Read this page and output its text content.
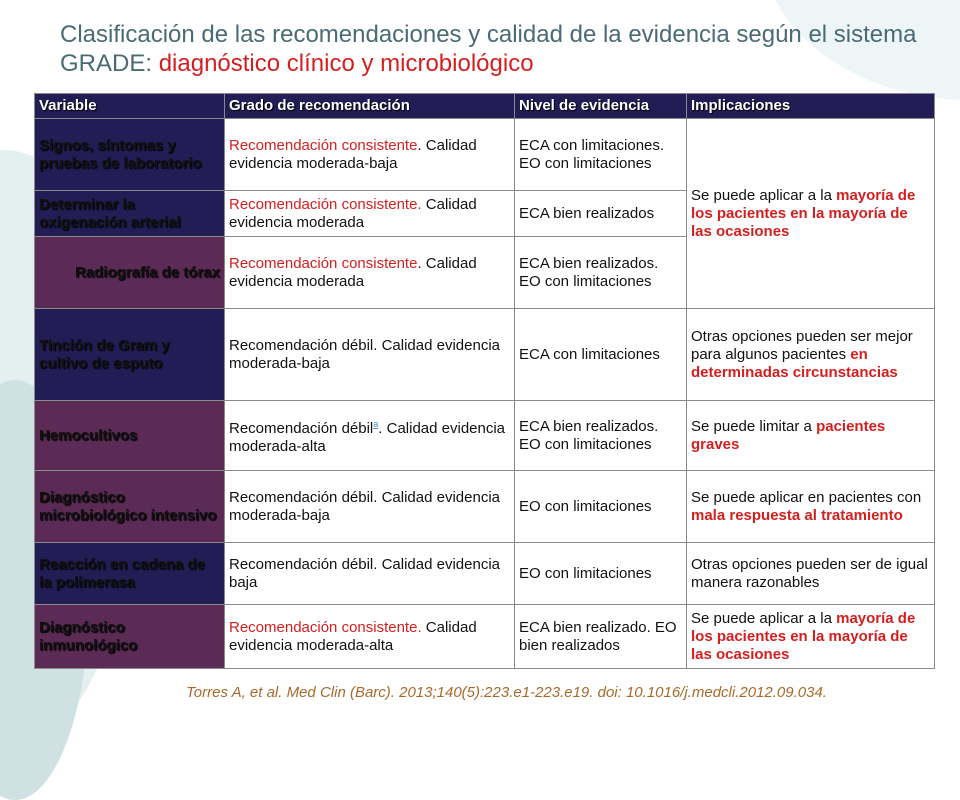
Clasificación de las recomendaciones y calidad de la evidencia según el sistema GRADE: diagnóstico clínico y microbiológico
Variable	Grado de recomendación	Nivel de evidencia	Implicaciones
Signos, síntomas y pruebas de laboratorio	Recomendación consistente. Calidad evidencia moderada-baja	ECA con limitaciones. EO con limitaciones	Se puede aplicar a la mayoría de los pacientes en la mayoría de las ocasiones
Determinar la oxigenación arterial	Recomendación consistente. Calidad evidencia moderada	ECA bien realizados	
Radiografía de tórax	Recomendación consistente. Calidad evidencia moderada	ECA bien realizados. EO con limitaciones	
Tinción de Gram y cultivo de esputo	Recomendación débil. Calidad evidencia moderada-baja	ECA con limitaciones	Otras opciones pueden ser mejor para algunos pacientes en determinadas circunstancias
Hemocultivos	Recomendación débil$^a$. Calidad evidencia moderada-alta	ECA bien realizados. EO con limitaciones	Se puede limitar a pacientes graves
Diagnóstico microbiológico intensivo	Recomendación débil. Calidad evidencia moderada-baja	EO con limitaciones	Se puede aplicar en pacientes con mala respuesta al tratamiento
Reacción en cadena de la polimerasa	Recomendación débil. Calidad evidencia baja	EO con limitaciones	Otras opciones pueden ser de igual manera razonables
Diagnóstico inmunológico	Recomendación consistente. Calidad evidencia moderada-alta	ECA bien realizado. EO bien realizados	Se puede aplicar a la mayoría de los pacientes en la mayoría de las ocasiones
Torres A, et al. Med Clin (Barc). 2013;140(5):223.e1-223.e19. doi: 10.1016/j.medcli.2012.09.034.
